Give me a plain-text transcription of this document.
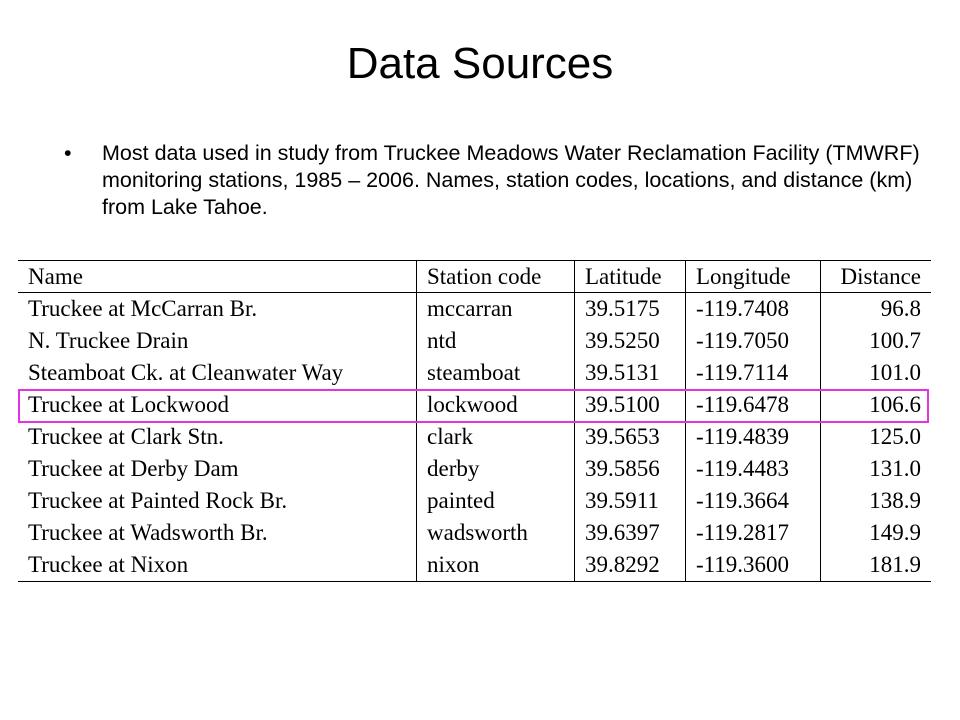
Data Sources
• Most data used in study from Truckee Meadows Water Reclamation Facility (TMWRF) monitoring stations, 1985 – 2006. Names, station codes, locations, and distance (km) from Lake Tahoe.
Name	Station code	Latitude	Longitude	Distance
Truckee at McCarran Br.	mccarran	39.5175	-119.7408	96.8
N. Truckee Drain	ntd	39.5250	-119.7050	100.7
Steamboat Ck. at Cleanwater Way	steamboat	39.5131	-119.7114	101.0
Truckee at Lockwood	lockwood	39.5100	-119.6478	106.6
Truckee at Clark Stn.	clark	39.5653	-119.4839	125.0
Truckee at Derby Dam	derby	39.5856	-119.4483	131.0
Truckee at Painted Rock Br.	painted	39.5911	-119.3664	138.9
Truckee at Wadsworth Br.	wadsworth	39.6397	-119.2817	149.9
Truckee at Nixon	nixon	39.8292	-119.3600	181.9
